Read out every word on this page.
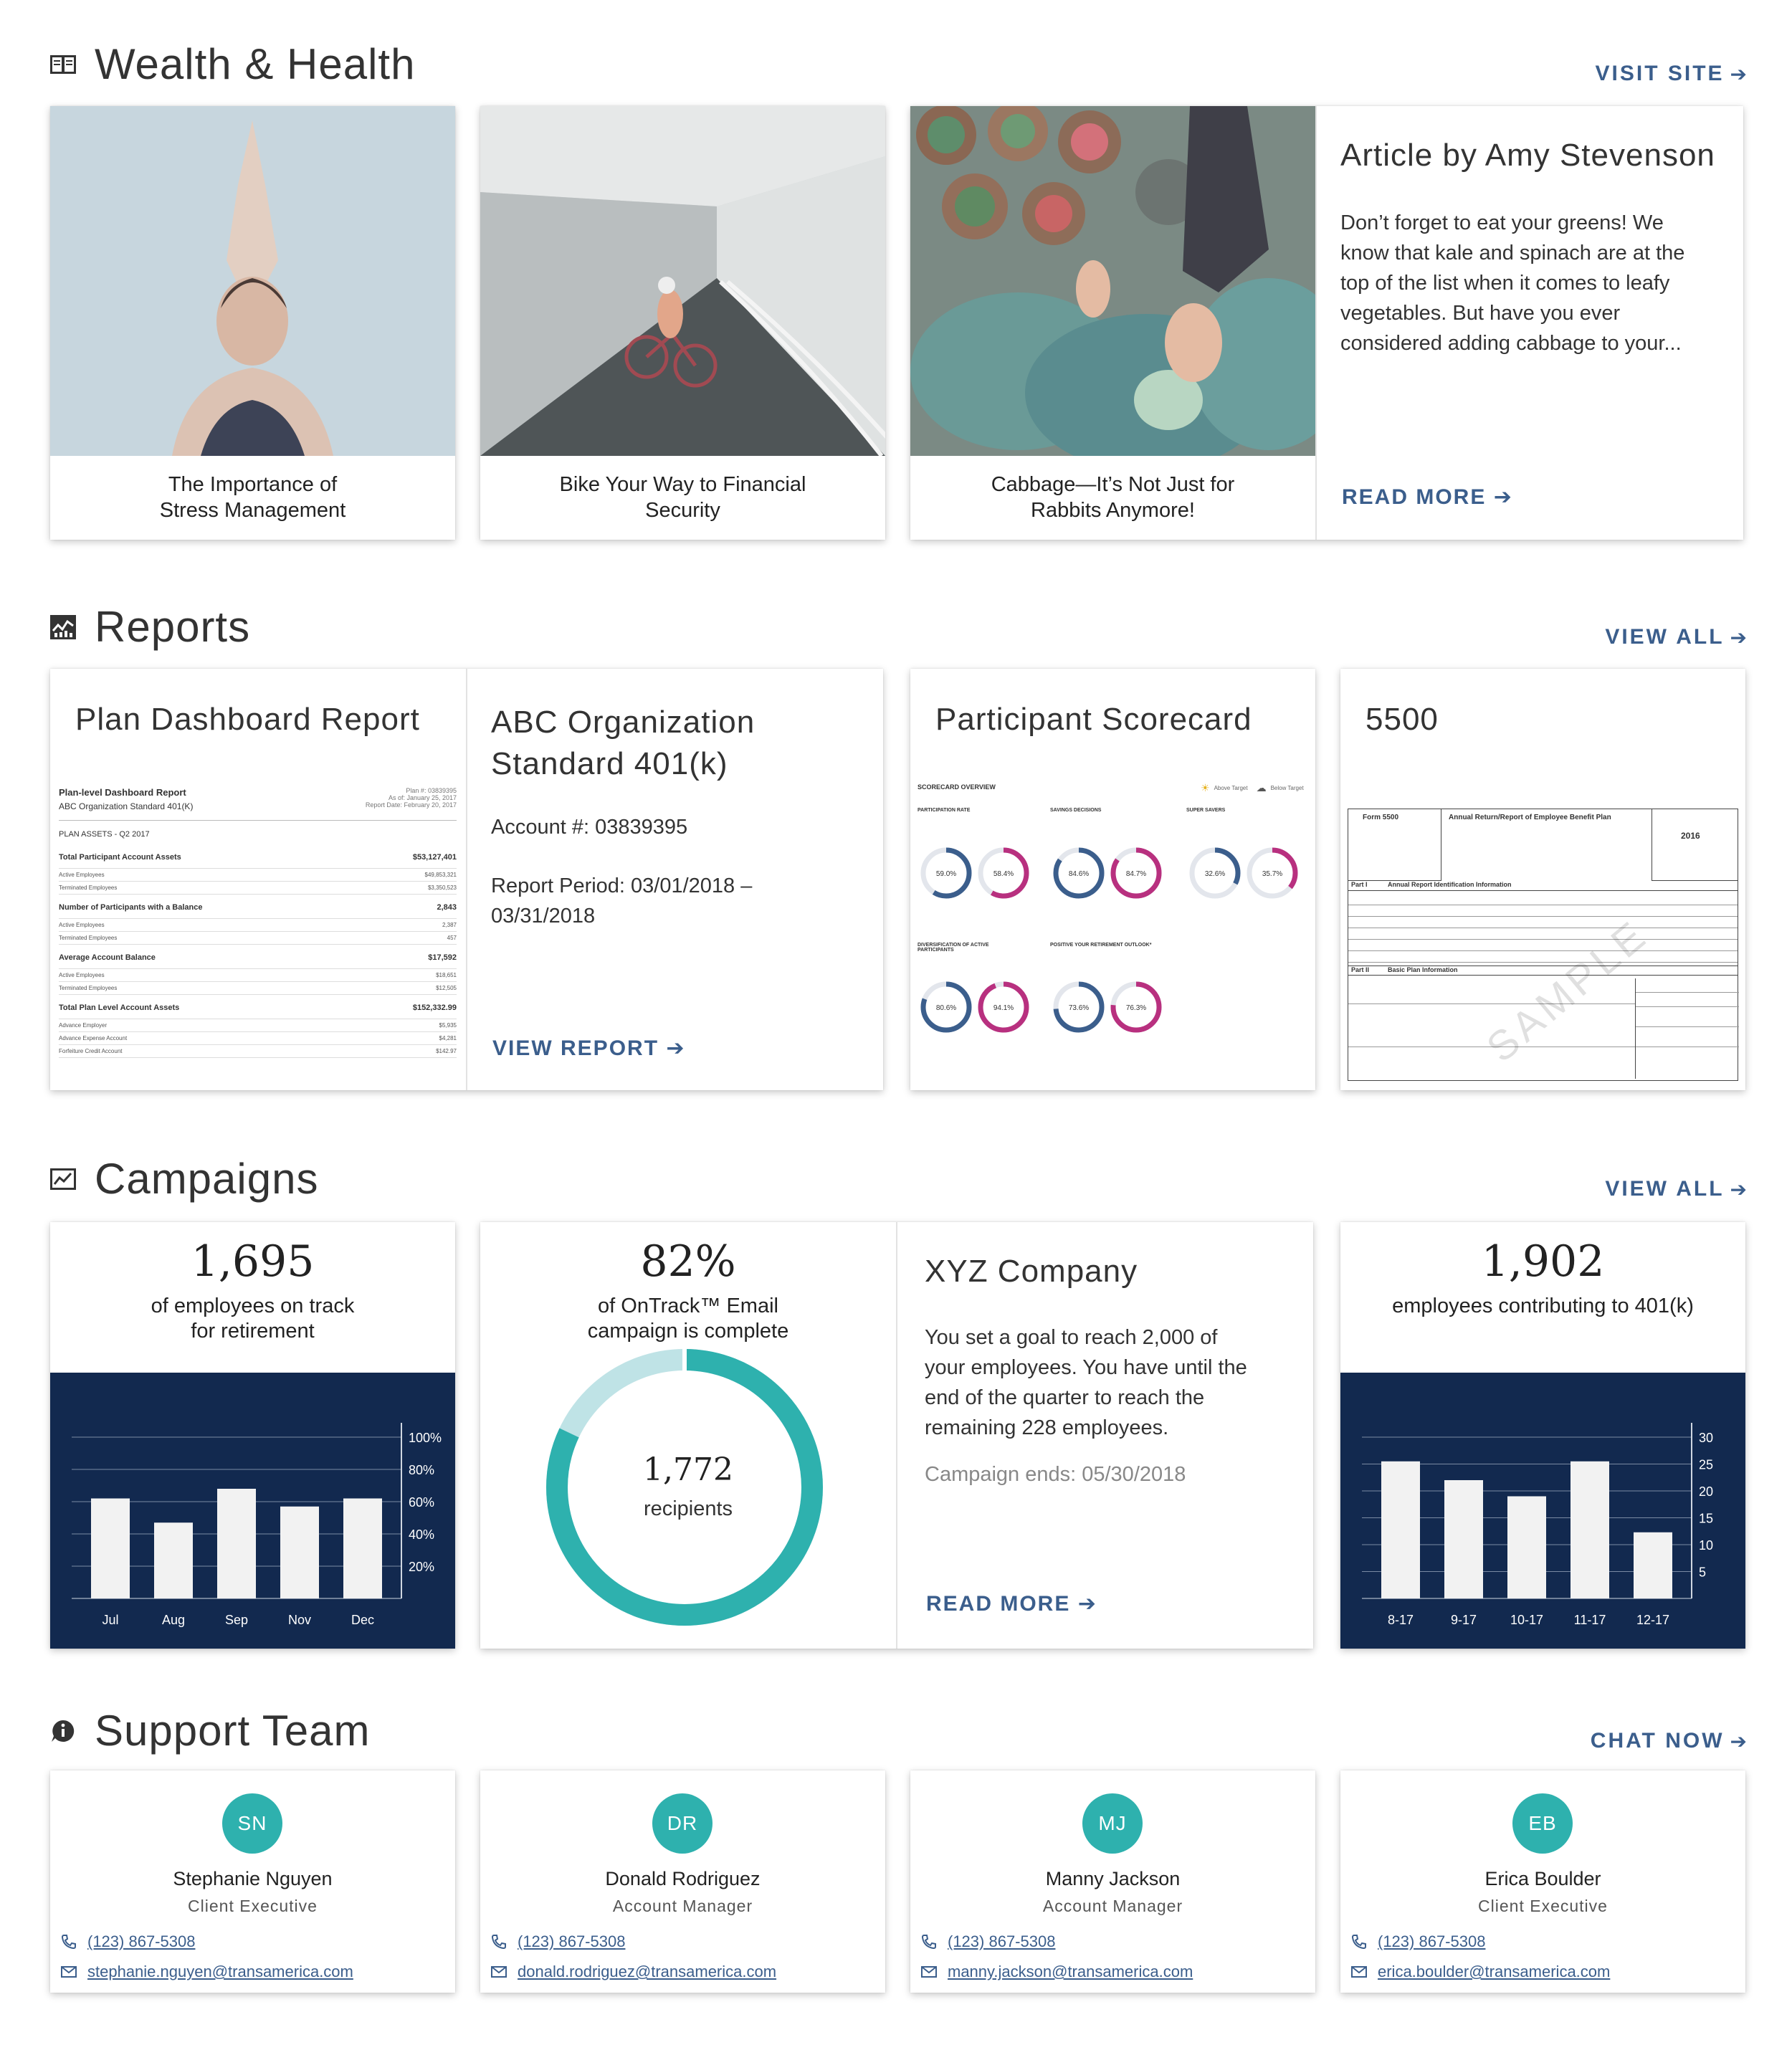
Wealth & Health	VISIT SITE ➔
The Importance of
Stress Management
Bike Your Way to Financial
Security
Cabbage—It’s Not Just for
Rabbits Anymore!
Article by Amy Stevenson
Don’t forget to eat your greens! We
know that kale and spinach are at the
top of the list when it comes to leafy
vegetables. But have you ever
considered adding cabbage to your...
READ MORE ➔
Reports	VIEW ALL ➔
Plan Dashboard Report
Plan-level Dashboard Report
ABC Organization Standard 401(K)
Plan #: 03839395
As of: January 25, 2017
Report Date: February 20, 2017
PLAN ASSETS - Q2 2017
Total Participant Account Assets	$53,127,401
Active Employees	$49,853,321
Terminated Employees	$3,350,523
Number of Participants with a Balance	2,843
Active Employees	2,387
Terminated Employees	457
Average Account Balance	$17,592
Active Employees	$18,651
Terminated Employees	$12,505
Total Plan Level Account Assets	$152,332.99
Advance Employer	$5,935
Advance Expense Account	$4,281
Forfeiture Credit Account	$142.97
ABC Organization
Standard 401(k)
Account #: 03839395
Report Period: 03/01/2018 –
03/31/2018
VIEW REPORT ➔
Participant Scorecard
SCORECARD OVERVIEW	☀ Above Target ☁ Below Target
PARTICIPATION RATE	SAVINGS DECISIONS	SUPER SAVERS
DIVERSIFICATION OF ACTIVE PARTICIPANTS
POSITIVE YOUR RETIREMENT OUTLOOK*
59.0%	58.4%	84.6%	84.7%	32.6%	35.7%
80.6%	94.1%	73.6%	76.3%
5500
Form 5500	Annual Return/Report of Employee Benefit Plan
2016
Part I	Annual Report Identification Information
Part II	Basic Plan Information SAMPLE
Campaigns	VIEW ALL ➔
1,695
of employees on track
for retirement
20%
40%
60%
80%
100%
Jul	Aug	Sep	Nov	Dec
82%
of OnTrack™ Email
campaign is complete
1,772
recipients
XYZ Company
You set a goal to reach 2,000 of
your employees. You have until the
end of the quarter to reach the
remaining 228 employees.
Campaign ends: 05/30/2018
READ MORE ➔
1,902
employees contributing to 401(k)
5
10
15
20
25
30
8-17	9-17	10-17 11-17 12-17
Support Team	CHAT NOW ➔
SN
Stephanie Nguyen
Client Executive
(123) 867-5308
stephanie.nguyen@transamerica.com
DR
Donald Rodriguez
Account Manager
(123) 867-5308
donald.rodriguez@transamerica.com
MJ
Manny Jackson
Account Manager
(123) 867-5308
manny.jackson@transamerica.com
EB
Erica Boulder
Client Executive
(123) 867-5308
erica.boulder@transamerica.com
